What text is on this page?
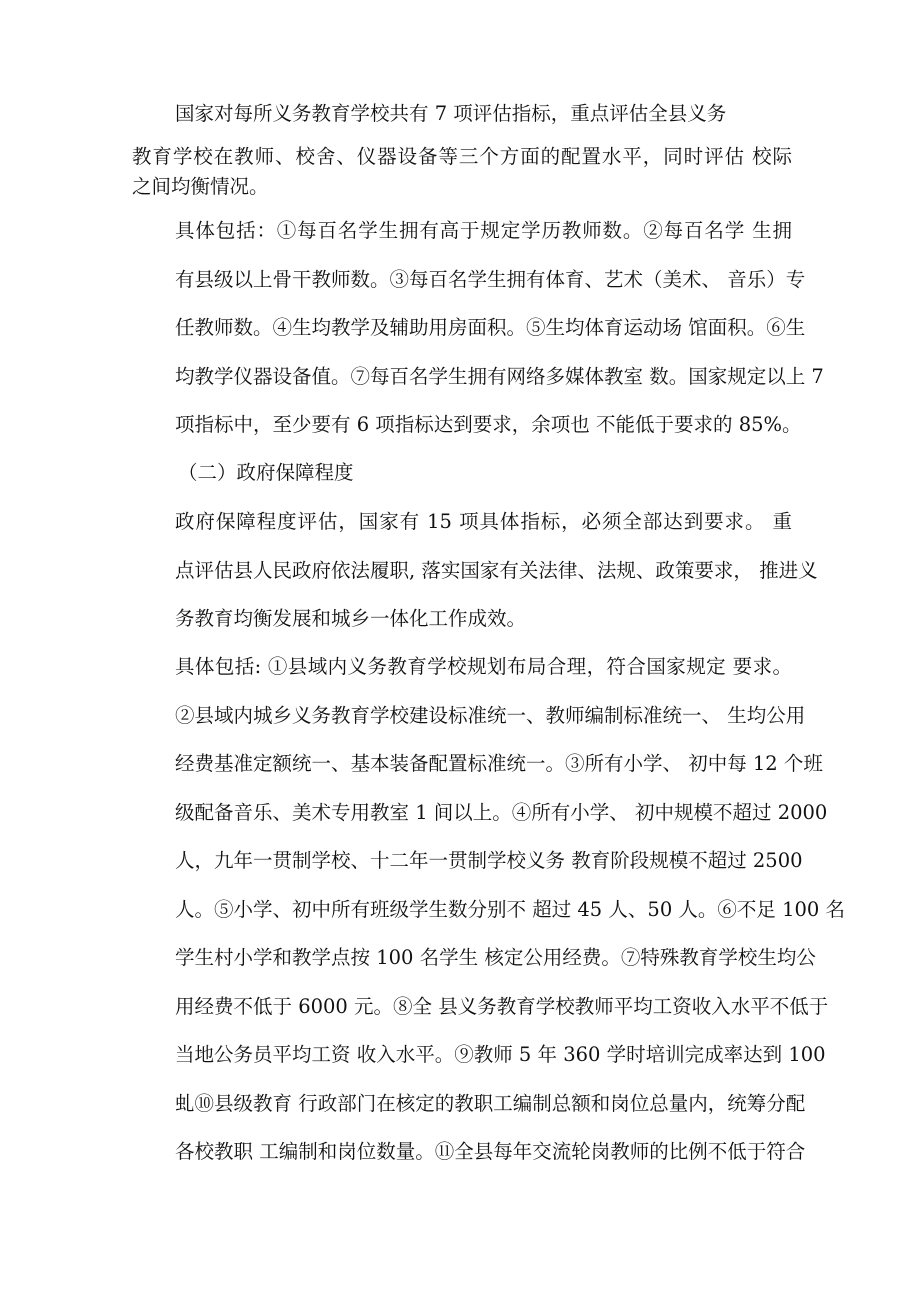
国家对每所义务教育学校共有 7 项评估指标，重点评估全县义务

教育学校在教师、校舍、仪器设备等三个方面的配置水平，同时评估 校际
之间均衡情况。

具体包括：①每百名学生拥有高于规定学历教师数。②每百名学 生拥
有县级以上骨干教师数。③每百名学生拥有体育、艺术（美术、 音乐）专
任教师数。④生均教学及辅助用房面积。⑤生均体育运动场 馆面积。⑥生
均教学仪器设备值。⑦每百名学生拥有网络多媒体教室 数。国家规定以上 7
项指标中，至少要有 6 项指标达到要求，余项也 不能低于要求的 85%。

（二）政府保障程度

政府保障程度评估，国家有 15 项具体指标，必须全部达到要求。 重
点评估县人民政府依法履职, 落实国家有关法律、法规、政策要求， 推进义
务教育均衡发展和城乡一体化工作成效。

具体包括: ①县域内义务教育学校规划布局合理，符合国家规定 要求。
②县域内城乡义务教育学校建设标准统一、教师编制标准统一、 生均公用
经费基准定额统一、基本装备配置标准统一。③所有小学、 初中每 12 个班
级配备音乐、美术专用教室 1 间以上。④所有小学、 初中规模不超过 2000
人，九年一贯制学校、十二年一贯制学校义务 教育阶段规模不超过 2500
人。⑤小学、初中所有班级学生数分别不 超过 45 人、50 人。⑥不足 100 名
学生村小学和教学点按 100 名学生 核定公用经费。⑦特殊教育学校生均公
用经费不低于 6000 元。⑧全 县义务教育学校教师平均工资收入水平不低于
当地公务员平均工资 收入水平。⑨教师 5 年 360 学时培训完成率达到 100
虬⑩县级教育 行政部门在核定的教职工编制总额和岗位总量内，统筹分配
各校教职 工编制和岗位数量。⑪全县每年交流轮岗教师的比例不低于符合
